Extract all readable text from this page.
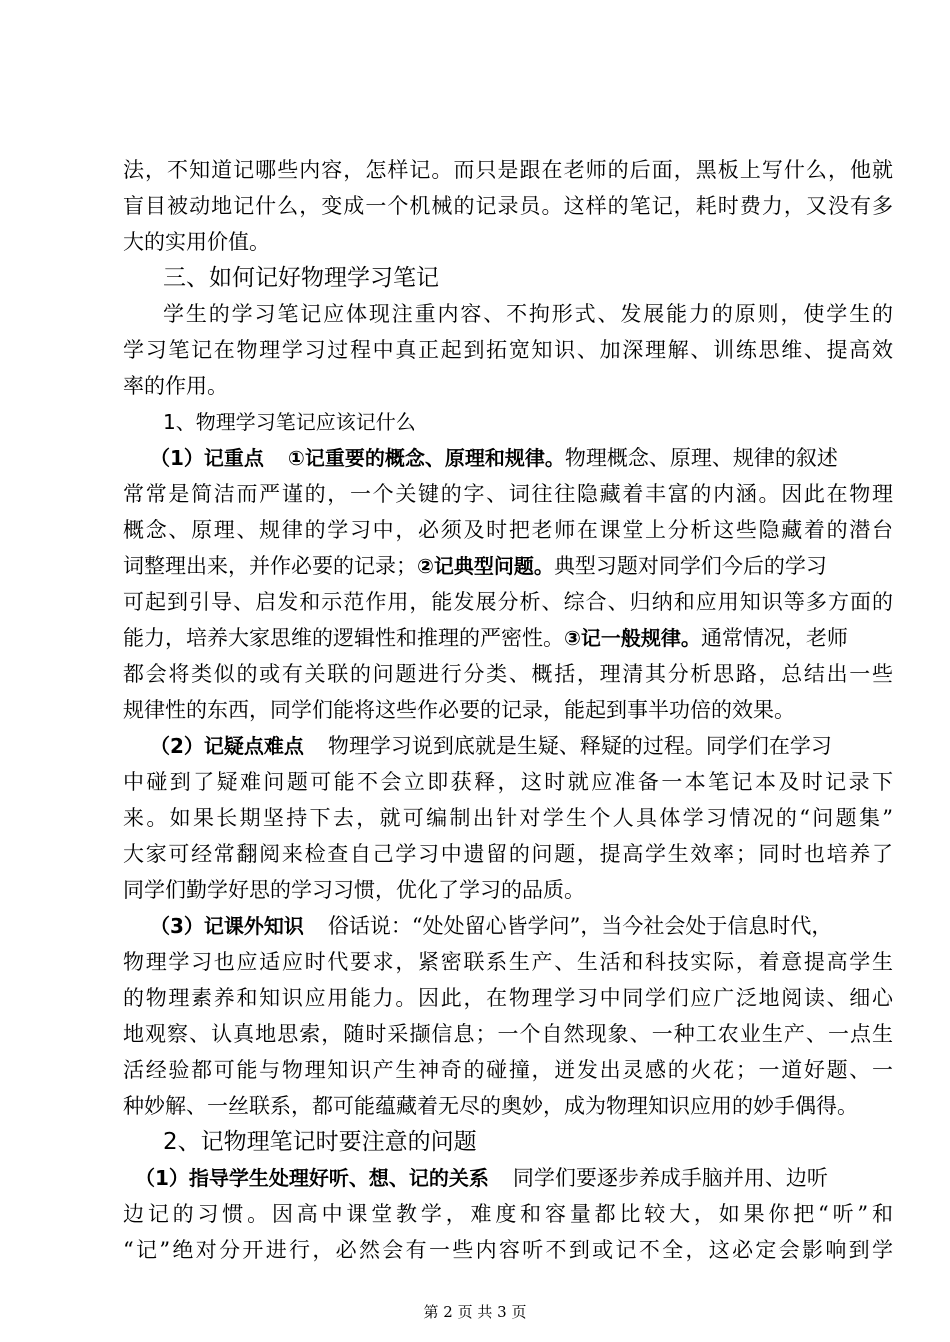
法，不知道记哪些内容，怎样记。而只是跟在老师的后面，黑板上写什么，他就
盲目被动地记什么，变成一个机械的记录员。这样的笔记，耗时费力，又没有多
大的实用价值。
三、如何记好物理学习笔记
学生的学习笔记应体现注重内容、不拘形式、发展能力的原则，使学生的
学习笔记在物理学习过程中真正起到拓宽知识、加深理解、训练思维、提高效
率的作用。
1、物理学习笔记应该记什么
（1）记重点 ①记重要的概念、原理和规律。物理概念、原理、规律的叙述
常常是简洁而严谨的，一个关键的字、词往往隐藏着丰富的内涵。因此在物理
概念、原理、规律的学习中，必须及时把老师在课堂上分析这些隐藏着的潜台
词整理出来，并作必要的记录；②记典型问题。典型习题对同学们今后的学习
可起到引导、启发和示范作用，能发展分析、综合、归纳和应用知识等多方面的
能力，培养大家思维的逻辑性和推理的严密性。③记一般规律。通常情况，老师
都会将类似的或有关联的问题进行分类、概括，理清其分析思路，总结出一些
规律性的东西，同学们能将这些作必要的记录，能起到事半功倍的效果。
（2）记疑点难点 物理学习说到底就是生疑、释疑的过程。同学们在学习
中碰到了疑难问题可能不会立即获释，这时就应准备一本笔记本及时记录下
来。如果长期坚持下去，就可编制出针对学生个人具体学习情况的“问题集”
大家可经常翻阅来检查自己学习中遗留的问题，提高学生效率；同时也培养了
同学们勤学好思的学习习惯，优化了学习的品质。
（3）记课外知识 俗话说：“处处留心皆学问”，当今社会处于信息时代，
物理学习也应适应时代要求，紧密联系生产、生活和科技实际，着意提高学生
的物理素养和知识应用能力。因此，在物理学习中同学们应广泛地阅读、细心
地观察、认真地思索，随时采撷信息；一个自然现象、一种工农业生产、一点生
活经验都可能与物理知识产生神奇的碰撞，迸发出灵感的火花；一道好题、一
种妙解、一丝联系，都可能蕴藏着无尽的奥妙，成为物理知识应用的妙手偶得。
2、记物理笔记时要注意的问题
（1）指导学生处理好听、想、记的关系 同学们要逐步养成手脑并用、边听
边记的习惯。因高中课堂教学，难度和容量都比较大，如果你把“听”和
“记”绝对分开进行，必然会有一些内容听不到或记不全，这必定会影响到学
第 2 页 共 3 页
